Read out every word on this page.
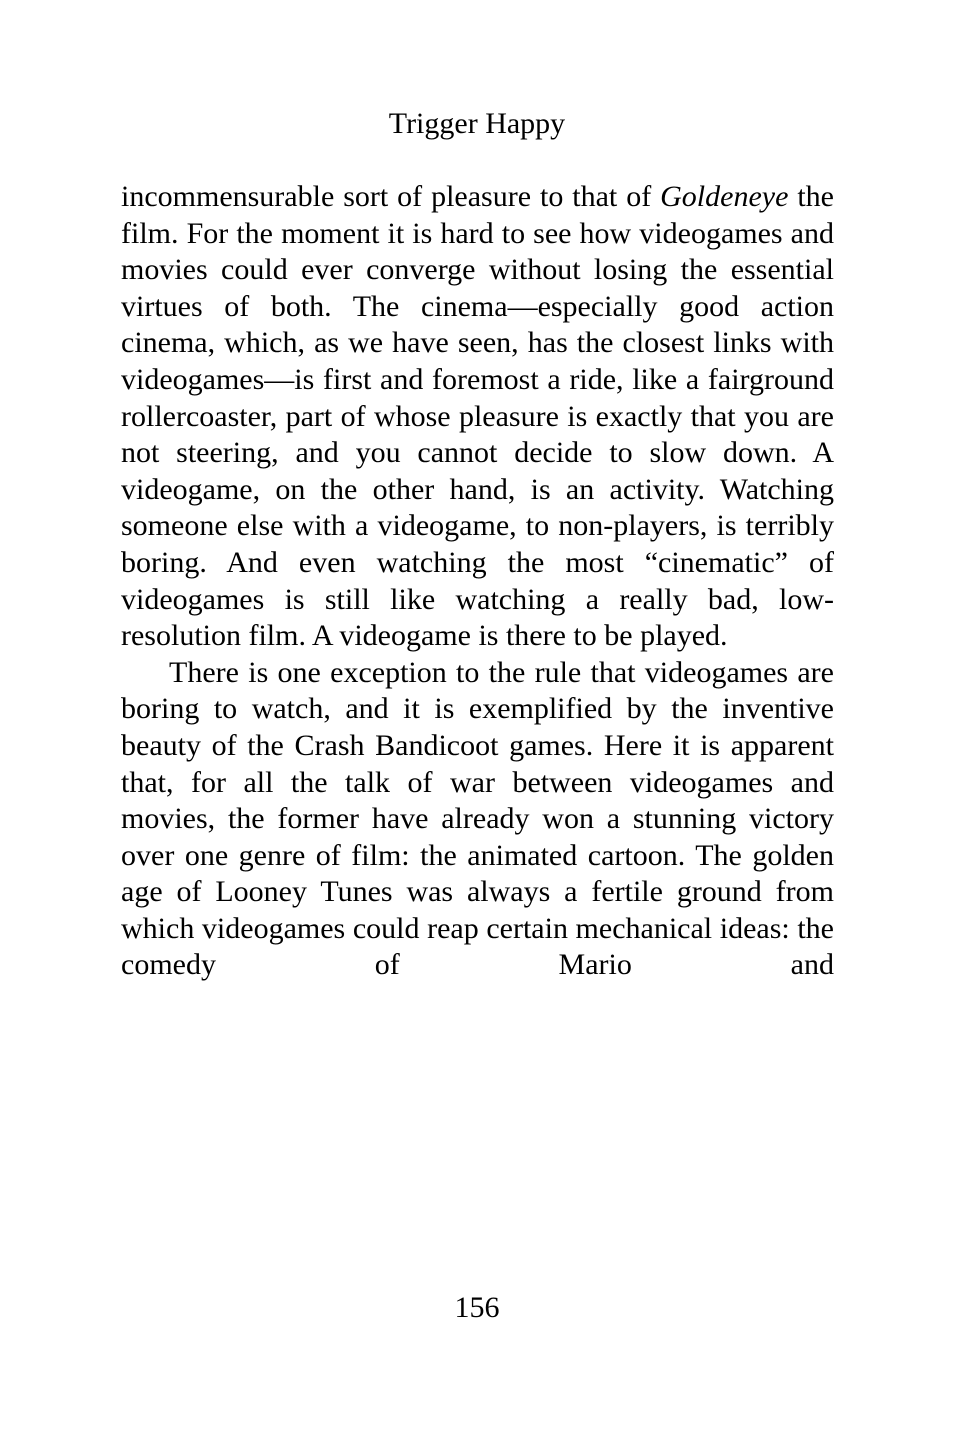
Trigger Happy

incommensurable sort of pleasure to that of Goldeneye the film. For the moment it is hard to see how videogames and movies could ever converge without losing the essential virtues of both. The cinema—especially good action cinema, which, as we have seen, has the closest links with videogames—is first and foremost a ride, like a fairground rollercoaster, part of whose pleasure is exactly that you are not steering, and you cannot decide to slow down. A videogame, on the other hand, is an activity. Watching someone else with a videogame, to non-players, is terribly boring. And even watching the most “cinematic” of videogames is still like watching a really bad, low-resolution film. A videogame is there to be played.

There is one exception to the rule that videogames are boring to watch, and it is exemplified by the inventive beauty of the Crash Bandicoot games. Here it is apparent that, for all the talk of war between videogames and movies, the former have already won a stunning victory over one genre of film: the animated cartoon. The golden age of Looney Tunes was always a fertile ground from which videogames could reap certain mechanical ideas: the comedy of Mario and

156
